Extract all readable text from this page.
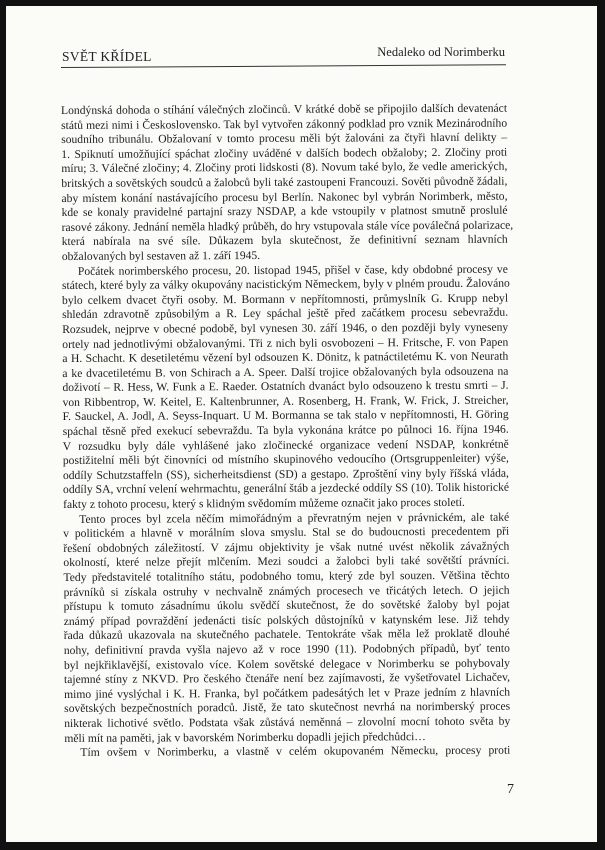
SVĚT KŘÍDEL	Nedaleko od Norimberku
Londýnská dohoda o stíhání válečných zločinců. V krátké době se připojilo dalších devatenáct
států mezi nimi i Československo. Tak byl vytvořen zákonný podklad pro vznik Mezinárodního
soudního tribunálu. Obžalovaní v tomto procesu měli být žalováni za čtyři hlavní delikty –
1. Spiknutí umožňující spáchat zločiny uváděné v dalších bodech obžaloby; 2. Zločiny proti
míru; 3. Válečné zločiny; 4. Zločiny proti lidskosti (8). Novum také bylo, že vedle amerických,
britských a sovětských soudců a žalobců byli také zastoupeni Francouzi. Sověti původně žádali,
aby místem konání nastávajícího procesu byl Berlín. Nakonec byl vybrán Norimberk, město,
kde se konaly pravidelné partajní srazy NSDAP, a kde vstoupily v platnost smutně proslulé
rasové zákony. Jednání neměla hladký průběh, do hry vstupovala stále více poválečná polarizace,
která nabírala na své síle. Důkazem byla skutečnost, že definitivní seznam hlavních
obžalovaných byl sestaven až 1. září 1945.
Počátek norimberského procesu, 20. listopad 1945, přišel v čase, kdy obdobné procesy ve
státech, které byly za války okupovány nacistickým Německem, byly v plném proudu. Žalováno
bylo celkem dvacet čtyři osoby. M. Bormann v nepřítomnosti, průmyslník G. Krupp nebyl
shledán zdravotně způsobilým a R. Ley spáchal ještě před začátkem procesu sebevraždu.
Rozsudek, nejprve v obecné podobě, byl vynesen 30. září 1946, o den později byly vyneseny
ortely nad jednotlivými obžalovanými. Tři z nich byli osvobozeni – H. Fritsche, F. von Papen
a H. Schacht. K desetiletému vězení byl odsouzen K. Dönitz, k patnáctiletému K. von Neurath
a ke dvacetiletému B. von Schirach a A. Speer. Další trojice obžalovaných byla odsouzena na
doživotí – R. Hess, W. Funk a E. Raeder. Ostatních dvanáct bylo odsouzeno k trestu smrti – J.
von Ribbentrop, W. Keitel, E. Kaltenbrunner, A. Rosenberg, H. Frank, W. Frick, J. Streicher,
F. Sauckel, A. Jodl, A. Seyss-Inquart. U M. Bormanna se tak stalo v nepřítomnosti, H. Göring
spáchal těsně před exekucí sebevraždu. Ta byla vykonána krátce po půlnoci 16. října 1946.
V rozsudku byly dále vyhlášené jako zločinecké organizace vedení NSDAP, konkrétně
postižitelní měli být činovníci od místního skupinového vedoucího (Ortsgruppenleiter) výše,
oddíly Schutzstaffeln (SS), sicherheitsdienst (SD) a gestapo. Zproštění viny byly říšská vláda,
oddíly SA, vrchní velení wehrmachtu, generální štáb a jezdecké oddíly SS (10). Tolik historické
fakty z tohoto procesu, který s klidným svědomím můžeme označit jako proces století.
Tento proces byl zcela něčím mimořádným a převratným nejen v právnickém, ale také
v politickém a hlavně v morálním slova smyslu. Stal se do budoucnosti precedentem při
řešení obdobných záležitostí. V zájmu objektivity je však nutné uvést několik závažných
okolností, které nelze přejít mlčením. Mezi soudci a žalobci byli také sovětští právníci.
Tedy představitelé totalitního státu, podobného tomu, který zde byl souzen. Většina těchto
právníků si získala ostruhy v nechvalně známých procesech ve třicátých letech. O jejich
přístupu k tomuto zásadnímu úkolu svědčí skutečnost, že do sovětské žaloby byl pojat
známý případ povraždění jedenácti tisíc polských důstojníků v katynském lese. Již tehdy
řada důkazů ukazovala na skutečného pachatele. Tentokráte však měla lež proklatě dlouhé
nohy, definitivní pravda vyšla najevo až v roce 1990 (11). Podobných případů, byť tento
byl nejkřiklavější, existovalo více. Kolem sovětské delegace v Norimberku se pohybovaly
tajemné stíny z NKVD. Pro českého čtenáře není bez zajímavosti, že vyšetřovatel Lichačev,
mimo jiné vyslýchal i K. H. Franka, byl počátkem padesátých let v Praze jedním z hlavních
sovětských bezpečnostních poradců. Jistě, že tato skutečnost nevrhá na norimberský proces
nikterak lichotivé světlo. Podstata však zůstává neměnná – zlovolní mocní tohoto světa by
měli mít na paměti, jak v bavorském Norimberku dopadli jejich předchůdci…
Tím ovšem v Norimberku, a vlastně v celém okupovaném Německu, procesy proti
7
